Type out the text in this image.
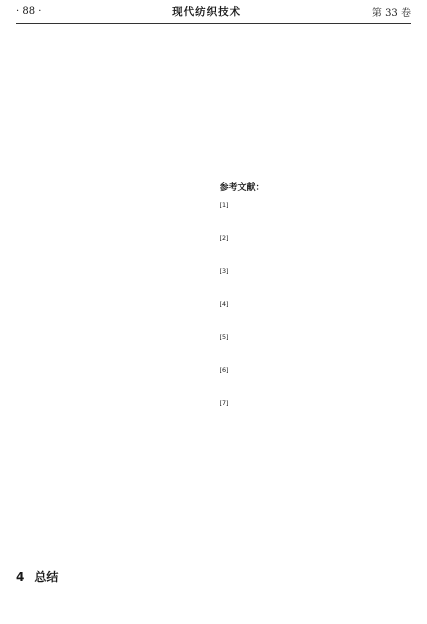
· 88 ·	现代纺织技术	第 33 卷

4 总结

参考文献：
[1]
[2]
[3]
[4]
[5]
[6]
[7]
